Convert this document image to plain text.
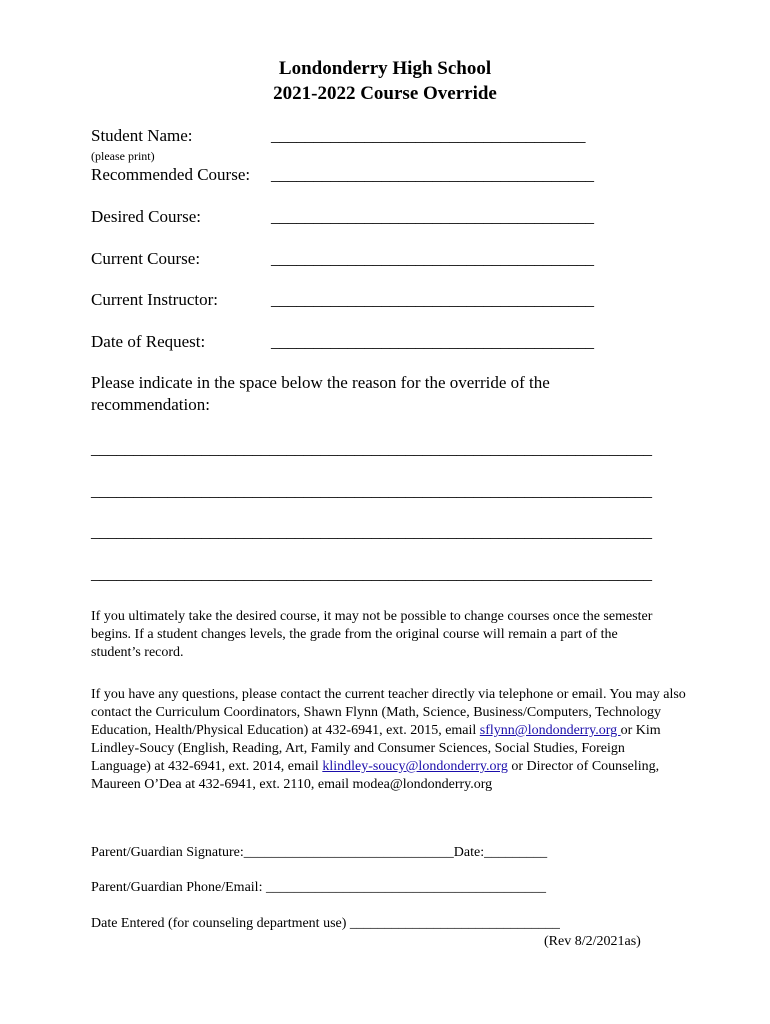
Londonderry High School
2021-2022 Course Override
Student Name:	_____________________________________
(please print)
Recommended Course: ______________________________________
Desired Course:	______________________________________
Current Course:	______________________________________
Current Instructor:	______________________________________
Date of Request:	______________________________________
Please indicate in the space below the reason for the override of the recommendation:
__________________________________________________________________
__________________________________________________________________
__________________________________________________________________
__________________________________________________________________
If you ultimately take the desired course, it may not be possible to change courses once the semester begins. If a student changes levels, the grade from the original course will remain a part of the student’s record.
If you have any questions, please contact the current teacher directly via telephone or email. You may also contact the Curriculum Coordinators, Shawn Flynn (Math, Science, Business/Computers, Technology Education, Health/Physical Education) at 432-6941, ext. 2015, email sflynn@londonderry.org or Kim Lindley-Soucy (English, Reading, Art, Family and Consumer Sciences, Social Studies, Foreign Language) at 432-6941, ext. 2014, email klindley-soucy@londonderry.org or Director of Counseling, Maureen O’Dea at 432-6941, ext. 2110, email modea@londonderry.org
Parent/Guardian Signature:______________________________Date:_________
Parent/Guardian Phone/Email: ________________________________________
Date Entered (for counseling department use) ______________________________
(Rev 8/2/2021as)
